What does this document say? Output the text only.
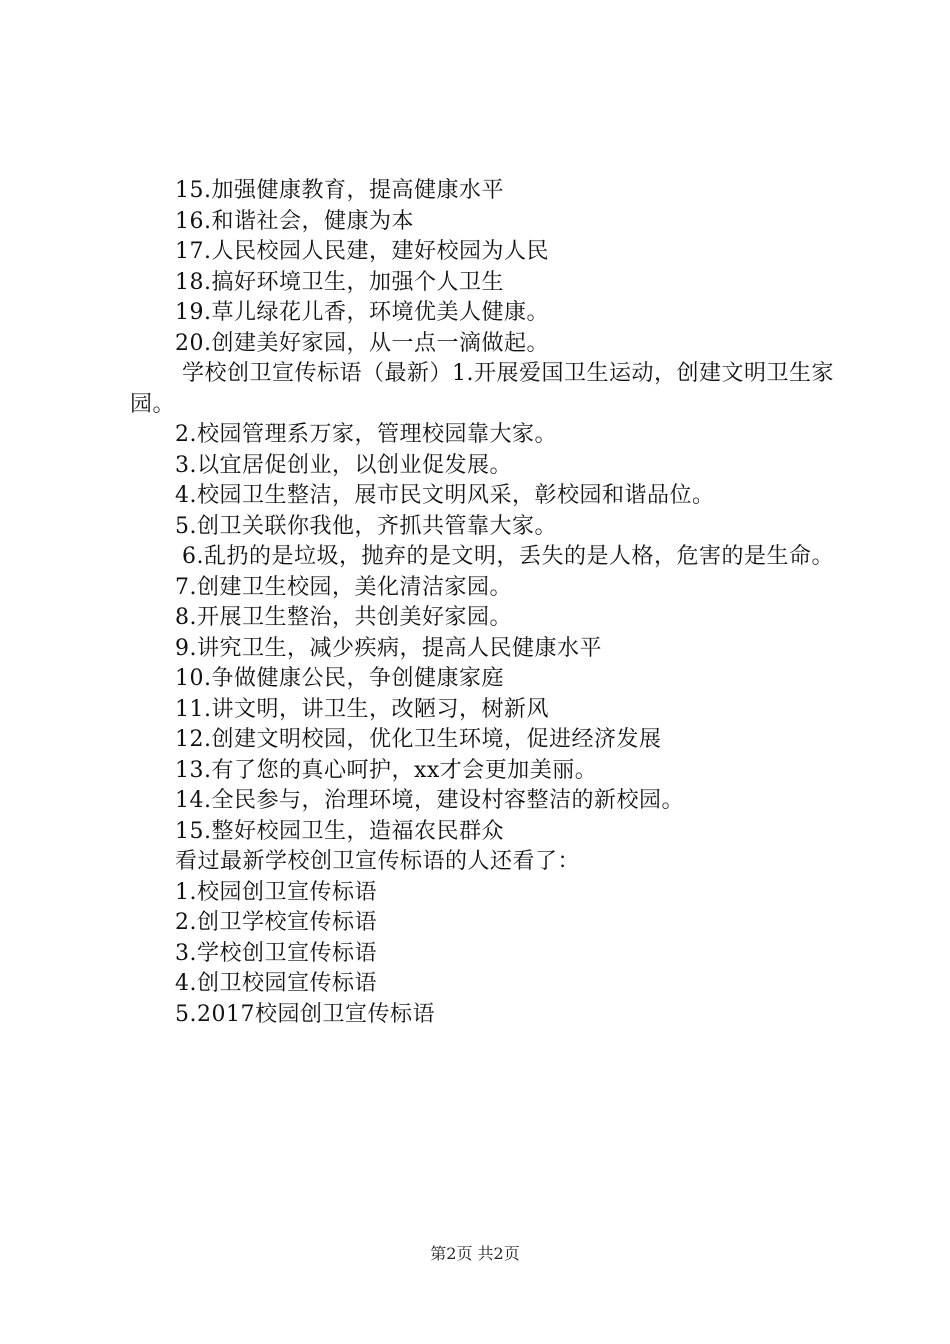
15.加强健康教育，提高健康水平

16.和谐社会，健康为本

17.人民校园人民建，建好校园为人民

18.搞好环境卫生，加强个人卫生

19.草儿绿花儿香，环境优美人健康。

20.创建美好家园，从一点一滴做起。

学校创卫宣传标语（最新）1.开展爱国卫生运动，创建文明卫生家园。

2.校园管理系万家，管理校园靠大家。

3.以宜居促创业，以创业促发展。

4.校园卫生整洁，展市民文明风采，彰校园和谐品位。

5.创卫关联你我他，齐抓共管靠大家。

6.乱扔的是垃圾，抛弃的是文明，丢失的是人格，危害的是生命。

7.创建卫生校园，美化清洁家园。

8.开展卫生整治，共创美好家园。

9.讲究卫生，减少疾病，提高人民健康水平

10.争做健康公民，争创健康家庭

11.讲文明，讲卫生，改陋习，树新风

12.创建文明校园，优化卫生环境，促进经济发展

13.有了您的真心呵护，xx才会更加美丽。

14.全民参与，治理环境，建设村容整洁的新校园。

15.整好校园卫生，造福农民群众

看过最新学校创卫宣传标语的人还看了：

1.校园创卫宣传标语

2.创卫学校宣传标语

3.学校创卫宣传标语

4.创卫校园宣传标语

5.2017校园创卫宣传标语

第2页 共2页
